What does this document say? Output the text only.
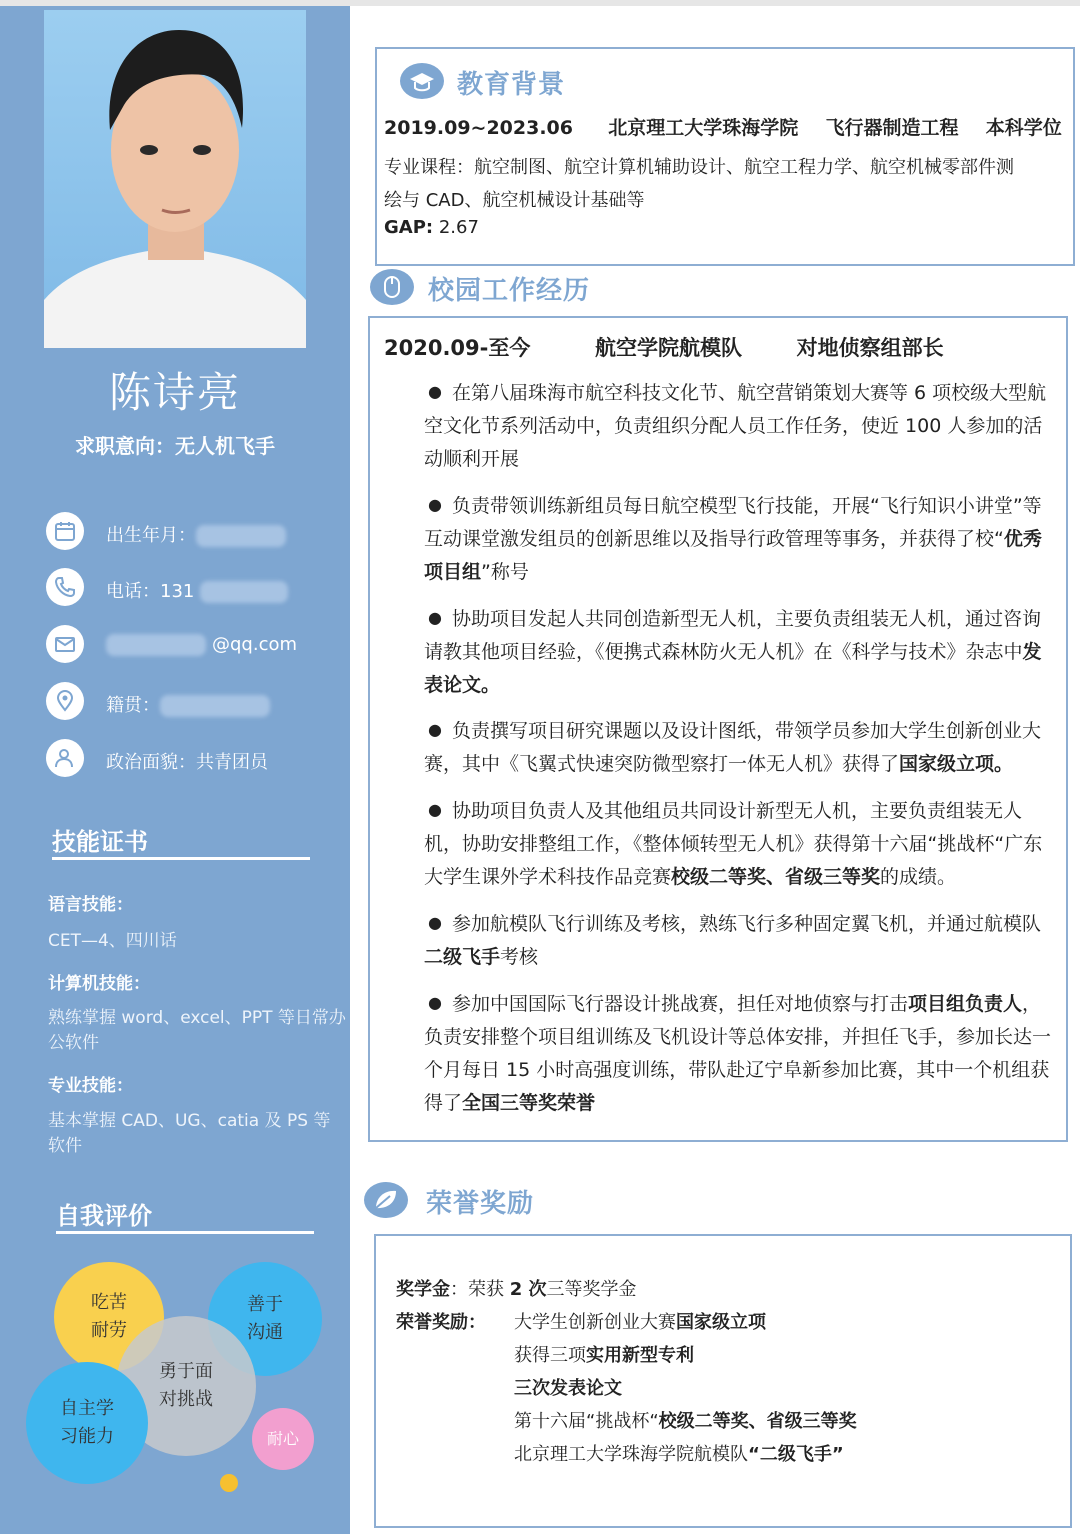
陈诗亮
求职意向：无人机飞手
出生年月：
电话：131
@qq.com
籍贯：
政治面貌：共青团员
技能证书
语言技能：
CET—4、四川话
计算机技能：
熟练掌握 word、excel、PPT 等日常办公软件
专业技能：
基本掌握 CAD、UG、catia 及 PS 等软件
自我评价
吃苦
耐劳
善于
沟通
勇于面
对挑战
自主学
习能力	耐心
教育背景
2019.09~2023.06 北京理工大学珠海学院 飞行器制造工程 本科学位
专业课程：航空制图、航空计算机辅助设计、航空工程力学、航空机械零部件测
绘与 CAD、航空机械设计基础等
GAP: 2.67
校园工作经历
2020.09-至今	航空学院航模队	对地侦察组部长
● 在第八届珠海市航空科技文化节、航空营销策划大赛等 6 项校级大型航空文化节系列活动中，负责组织分配人员工作任务，使近 100 人参加的活动顺利开展
● 负责带领训练新组员每日航空模型飞行技能，开展“飞行知识小讲堂”等互动课堂激发组员的创新思维以及指导行政管理等事务，并获得了校“优秀项目组”称号
● 协助项目发起人共同创造新型无人机，主要负责组装无人机，通过咨询请教其他项目经验，《便携式森林防火无人机》在《科学与技术》杂志中发表论文。
● 负责撰写项目研究课题以及设计图纸，带领学员参加大学生创新创业大赛，其中《飞翼式快速突防微型察打一体无人机》获得了国家级立项。
● 协助项目负责人及其他组员共同设计新型无人机，主要负责组装无人机，协助安排整组工作，《整体倾转型无人机》获得第十六届“挑战杯“广东大学生课外学术科技作品竞赛校级二等奖、省级三等奖的成绩。
● 参加航模队飞行训练及考核，熟练飞行多种固定翼飞机，并通过航模队二级飞手考核
● 参加中国国际飞行器设计挑战赛，担任对地侦察与打击项目组负责人，负责安排整个项目组训练及飞机设计等总体安排，并担任飞手，参加长达一个月每日 15 小时高强度训练，带队赴辽宁阜新参加比赛，其中一个机组获得了全国三等奖荣誉
荣誉奖励
奖学金：荣获 2 次三等奖学金
荣誉奖励： 大学生创新创业大赛国家级立项
获得三项实用新型专利
三次发表论文
第十六届“挑战杯“校级二等奖、省级三等奖
北京理工大学珠海学院航模队“二级飞手”
